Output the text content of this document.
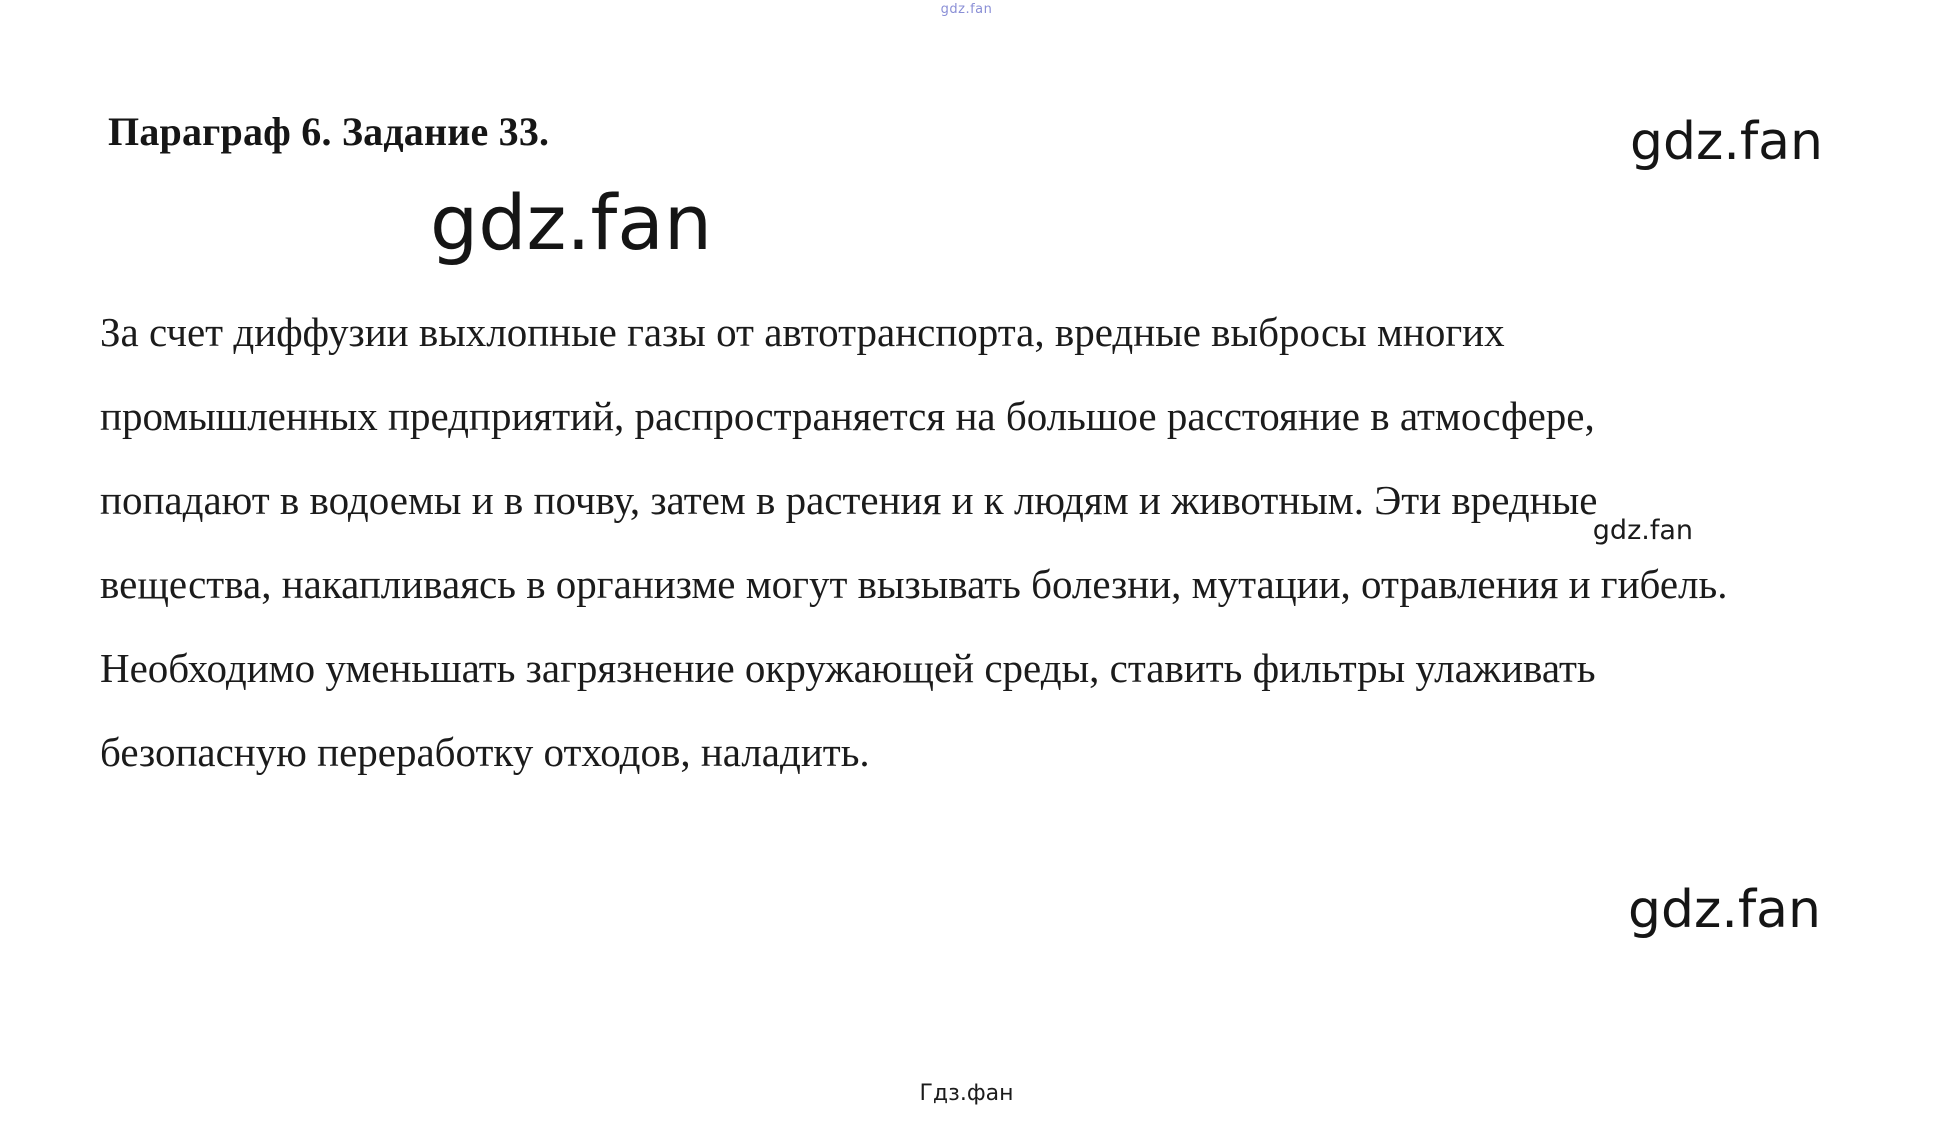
gdz.fan
Параграф 6. Задание 33.	gdz.fan
gdz.fan
За счет диффузии выхлопные газы от автотранспорта, вредные выбросы многих промышленных предприятий, распространяется на большое расстояние в атмосфере, попадают в водоемы и в почву, затем в растения и к людям и животным. Эти вредные вещества, накапливаясь в организме могут вызывать болезни, мутации, отравления и гибель. Необходимо уменьшать загрязнение окружающей среды, ставить фильтры улаживать безопасную переработку отходов, наладить.
gdz.fan
gdz.fan
Гдз.фан
